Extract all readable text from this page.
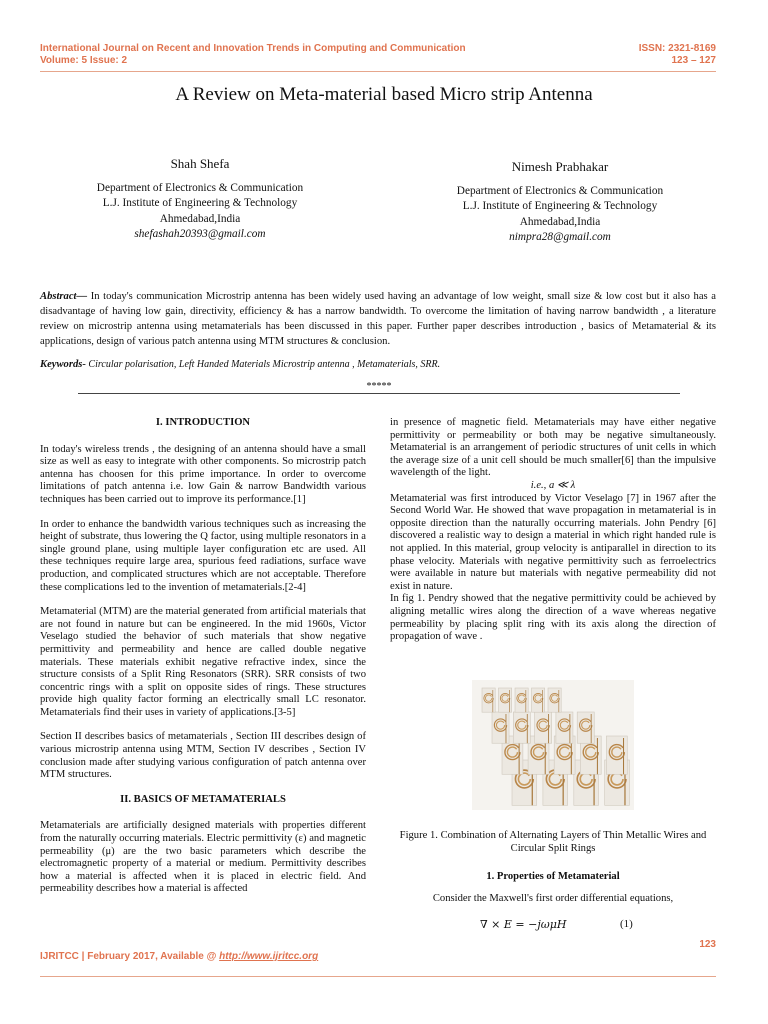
International Journal on Recent and Innovation Trends in Computing and Communication
Volume: 5 Issue: 2
ISSN: 2321-8169
123 – 127
A Review on Meta-material based Micro strip Antenna
Shah Shefa
Department of Electronics & Communication
L.J. Institute of Engineering & Technology
Ahmedabad,India
shefashah20393@gmail.com
Nimesh Prabhakar
Department of Electronics & Communication
L.J. Institute of Engineering & Technology
Ahmedabad,India
nimpra28@gmail.com
Abstract— In today's communication Microstrip antenna has been widely used having an advantage of low weight, small size & low cost but it also has a disadvantage of having low gain, directivity, efficiency & has a narrow bandwidth. To overcome the limitation of having narrow bandwidth , a literature review on microstrip antenna using metamaterials has been discussed in this paper. Further paper describes introduction , basics of Metamaterial & its applications, design of various patch antenna using MTM structures & conclusion.
Keywords- Circular polarisation, Left Handed Materials Microstrip antenna , Metamaterials, SRR.
*****
I. INTRODUCTION

In today's wireless trends , the designing of an antenna should have a small size as well as easy to integrate with other components. So microstrip patch antenna has choosen for this prime importance. In order to overcome limitations of patch antenna i.e. low Gain & narrow Bandwidth various techniques has been carried out to improve its performance.[1]

In order to enhance the bandwidth various techniques such as increasing the height of substrate, thus lowering the Q factor, using multiple resonators in a single ground plane, using multiple layer configuration etc are used. All these techniques require large area, spurious feed radiations, surface wave production, and complicated structures which are not acceptable. Therefore these complications led to the invention of metamaterials.[2-4]

Metamaterial (MTM) are the material generated from artificial materials that are not found in nature but can be engineered. In the mid 1960s, Victor Veselago studied the behavior of such materials that show negative permittivity and permeability and hence are called double negative materials. These materials exhibit negative refractive index, since the structure consists of a Split Ring Resonators (SRR). SRR consists of two concentric rings with a split on opposite sides of rings. These structures provide high quality factor forming an electrically small LC resonator. Metamaterials find their uses in variety of applications.[3-5]

Section II describes basics of metamaterials , Section III describes design of various microstrip antenna using MTM, Section IV describes , Section IV conclusion made after studying various configuration of patch antenna over MTM structures.

II. BASICS OF METAMATERIALS

Metamaterials are artificially designed materials with properties different from the naturally occurring materials. Electric permittivity (ε) and magnetic permeability (μ) are the two basic parameters which describe the electromagnetic property of a material or medium. Permittivity describes how a material is affected when it is placed in electric field. And permeability describes how a material is affected

in presence of magnetic field. Metamaterials may have either negative permittivity or permeability or both may be negative simultaneously. Metamaterial is an arrangement of periodic structures of unit cells in which the average size of a unit cell should be much smaller[6] than the impulsive wavelength of the light.
i.e., a ≪ λ
Metamaterial was first introduced by Victor Veselago [7] in 1967 after the Second World War. He showed that wave propagation in metamaterial is in opposite direction than the naturally occurring materials. John Pendry [6] discovered a realistic way to design a material in which right handed rule is not applied. In this material, group velocity is antiparallel in direction to its phase velocity. Materials with negative permittivity such as ferroelectrics were available in nature but materials with negative permeability did not exist in nature.
In fig 1. Pendry showed that the negative permittivity could be achieved by aligning metallic wires along the direction of a wave whereas negative permeability by placing split ring with its axis along the direction of propagation of wave .
Figure 1. Combination of Alternating Layers of Thin Metallic Wires and Circular Split Rings
1. Properties of Metamaterial
Consider the Maxwell's first order differential equations,
∇ × E = −jωμH	(1)
123
IJRITCC | February 2017, Available @ http://www.ijritcc.org
